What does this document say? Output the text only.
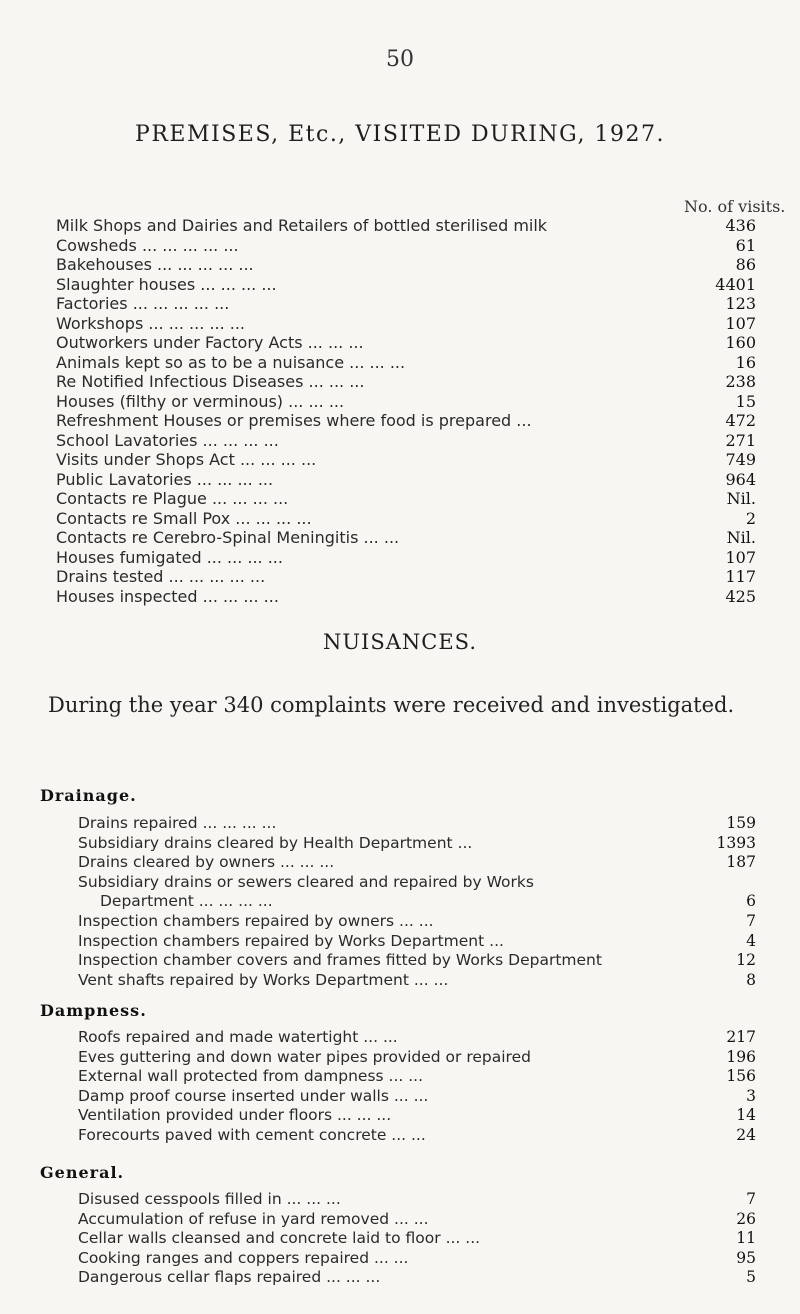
50
PREMISES, Etc., VISITED DURING, 1927.
No. of visits.
Milk Shops and Dairies and Retailers of bottled sterilised milk	436
Cowsheds ... ... ... ... ...	61
Bakehouses ... ... ... ... ...	86
Slaughter houses ... ... ... ...	4401
Factories ... ... ... ... ...	123
Workshops ... ... ... ... ...	107
Outworkers under Factory Acts ... ... ...	160
Animals kept so as to be a nuisance ... ... ...	16
Re Notified Infectious Diseases ... ... ...	238
Houses (filthy or verminous) ... ... ...	15
Refreshment Houses or premises where food is prepared ...	472
School Lavatories ... ... ... ...	271
Visits under Shops Act ... ... ... ...	749
Public Lavatories ... ... ... ...	964
Contacts re Plague ... ... ... ...	Nil.
Contacts re Small Pox ... ... ... ...	2
Contacts re Cerebro-Spinal Meningitis ... ...	Nil.
Houses fumigated ... ... ... ...	107
Drains tested ... ... ... ... ...	117
Houses inspected ... ... ... ...	425
NUISANCES.
During the year 340 complaints were received and investigated.
Drainage.
Drains repaired ... ... ... ...	159
Subsidiary drains cleared by Health Department ...	1393
Drains cleared by owners ... ... ...	187
Subsidiary drains or sewers cleared and repaired by Works
Department ... ... ... ...	6
Inspection chambers repaired by owners ... ...	7
Inspection chambers repaired by Works Department ...	4
Inspection chamber covers and frames fitted by Works Department	12
Vent shafts repaired by Works Department ... ...	8
Dampness.
Roofs repaired and made watertight ... ...	217
Eves guttering and down water pipes provided or repaired	196
External wall protected from dampness ... ...	156
Damp proof course inserted under walls ... ...	3
Ventilation provided under floors ... ... ...	14
Forecourts paved with cement concrete ... ...	24
General.
Disused cesspools filled in ... ... ...	7
Accumulation of refuse in yard removed ... ...	26
Cellar walls cleansed and concrete laid to floor ... ...	11
Cooking ranges and coppers repaired ... ...	95
Dangerous cellar flaps repaired ... ... ...	5
